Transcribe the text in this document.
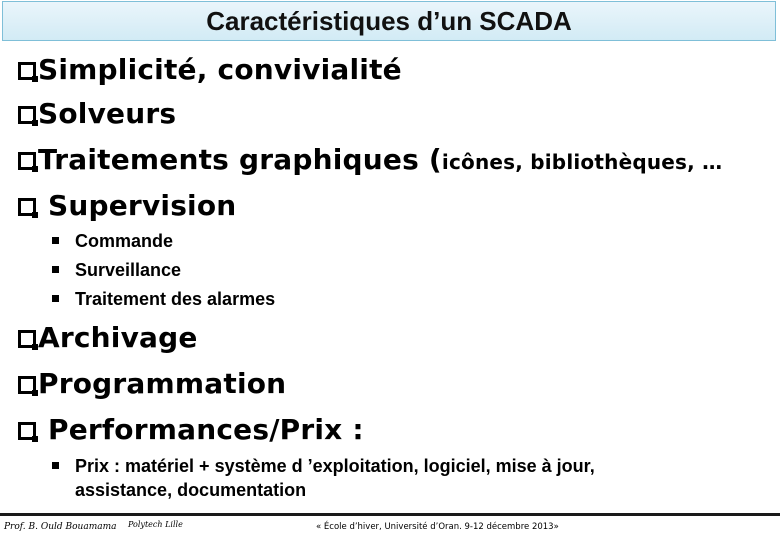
Caractéristiques d’un SCADA
Simplicité, convivialité
Solveurs
Traitements graphiques ( icônes, bibliothèques, …
Supervision
Commande
Surveillance
Traitement des alarmes
Archivage
Programmation
Performances/Prix :
Prix : matériel + système d ’exploitation, logiciel, mise à jour, assistance, documentation
Prof. B. Ould Bouamama Polytech Lille	« École d’hiver, Université d’Oran. 9-12 décembre 2013»
